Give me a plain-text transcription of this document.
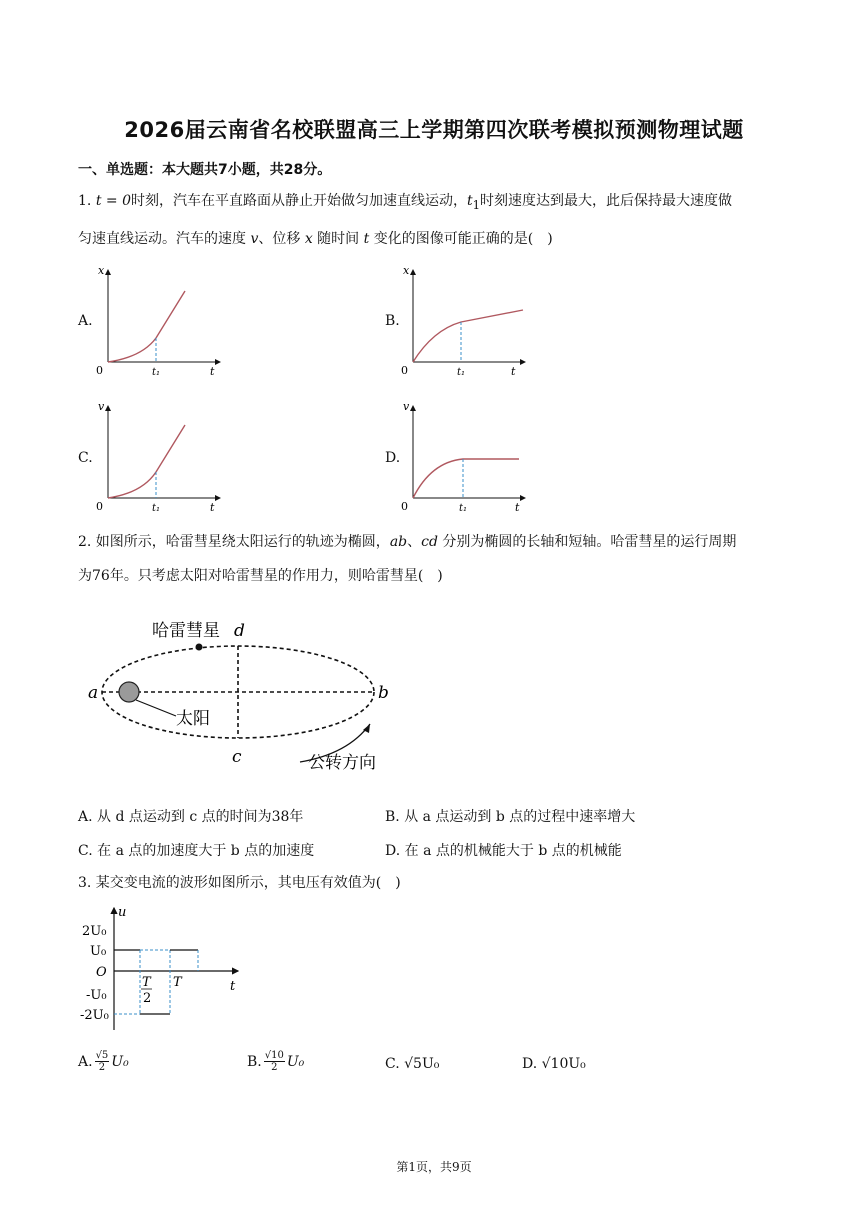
2026届云南省名校联盟高三上学期第四次联考模拟预测物理试题
一、单选题：本大题共7小题，共28分。
1. t = 0时刻，汽车在平直路面从静止开始做匀加速直线运动，$t_1$时刻速度达到最大，此后保持最大速度做
匀速直线运动。汽车的速度 v、位移 x 随时间 t 变化的图像可能正确的是(　)
A.	B.
C.	D.
x
0	t₁	t
x
0	t₁	t
v
0	t₁	t
v
0	t₁	t
2. 如图所示，哈雷彗星绕太阳运行的轨迹为椭圆，ab、cd 分别为椭圆的长轴和短轴。哈雷彗星的运行周期
为76年。只考虑太阳对哈雷彗星的作用力，则哈雷彗星(　)
哈雷彗星 d
a	b
c
太阳
公转方向
A. 从 d 点运动到 c 点的时间为38年	B. 从 a 点运动到 b 点的过程中速率增大
C. 在 a 点的加速度大于 b 点的加速度	D. 在 a 点的机械能大于 b 点的机械能
3. 某交变电流的波形如图所示，其电压有效值为(　)
u
t
O
2U₀
U₀
-U₀
-2U₀
T
2
T
A. $\frac{√5}{2} U_0$	B. $\frac{√10}{2} U_0$	C. √5U₀	D. √10U₀
第1页，共9页
